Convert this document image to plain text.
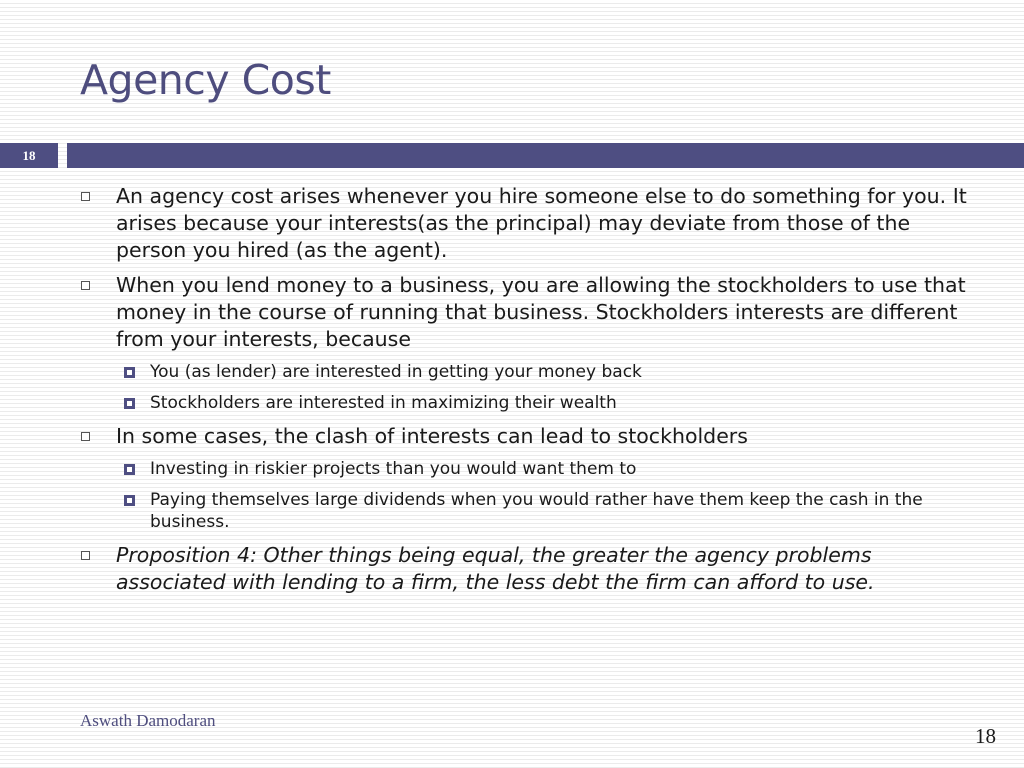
Agency Cost
18
An agency cost arises whenever you hire someone else to do something for you. It arises because your interests(as the principal) may deviate from those of the person you hired (as the agent).
When you lend money to a business, you are allowing the stockholders to use that money in the course of running that business. Stockholders interests are different from your interests, because
You (as lender) are interested in getting your money back
Stockholders are interested in maximizing their wealth
In some cases, the clash of interests can lead to stockholders
Investing in riskier projects than you would want them to
Paying themselves large dividends when you would rather have them keep the cash in the business.
Proposition 4: Other things being equal, the greater the agency problems associated with lending to a firm, the less debt the firm can afford to use.
Aswath Damodaran
18
